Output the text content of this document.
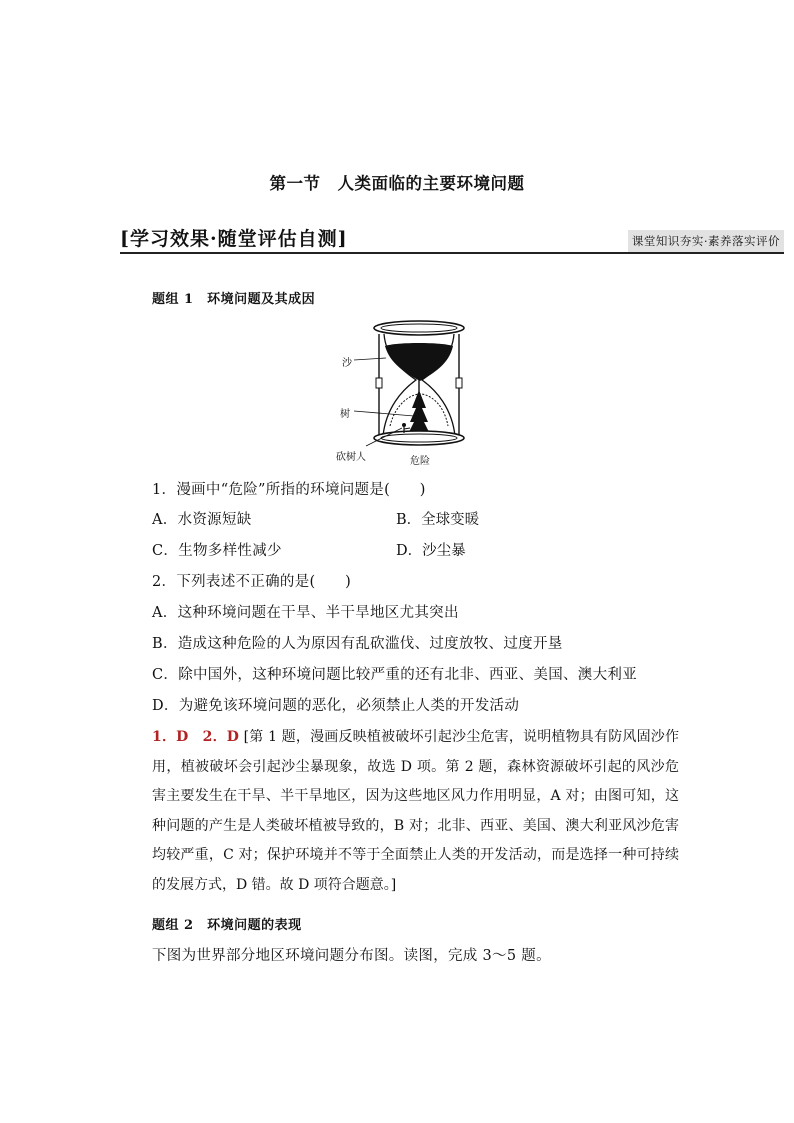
第一节　人类面临的主要环境问题
[学习效果·随堂评估自测]	课堂知识夯实·素养落实评价
题组 1　环境问题及其成因
沙
树
砍树人	危险
1．漫画中“危险”所指的环境问题是(　　)
A．水资源短缺	B．全球变暖
C．生物多样性减少	D．沙尘暴
2．下列表述不正确的是(　　)
A．这种环境问题在干旱、半干旱地区尤其突出
B．造成这种危险的人为原因有乱砍滥伐、过度放牧、过度开垦
C．除中国外，这种环境问题比较严重的还有北非、西亚、美国、澳大利亚
D．为避免该环境问题的恶化，必须禁止人类的开发活动
1．D　2．D [第 1 题，漫画反映植被破坏引起沙尘危害，说明植物具有防风固沙作用，植被破坏会引起沙尘暴现象，故选 D 项。第 2 题，森林资源破坏引起的风沙危害主要发生在干旱、半干旱地区，因为这些地区风力作用明显，A 对；由图可知，这种问题的产生是人类破坏植被导致的，B 对；北非、西亚、美国、澳大利亚风沙危害均较严重，C 对；保护环境并不等于全面禁止人类的开发活动，而是选择一种可持续的发展方式，D 错。故 D 项符合题意。]
题组 2　环境问题的表现
下图为世界部分地区环境问题分布图。读图，完成 3～5 题。
